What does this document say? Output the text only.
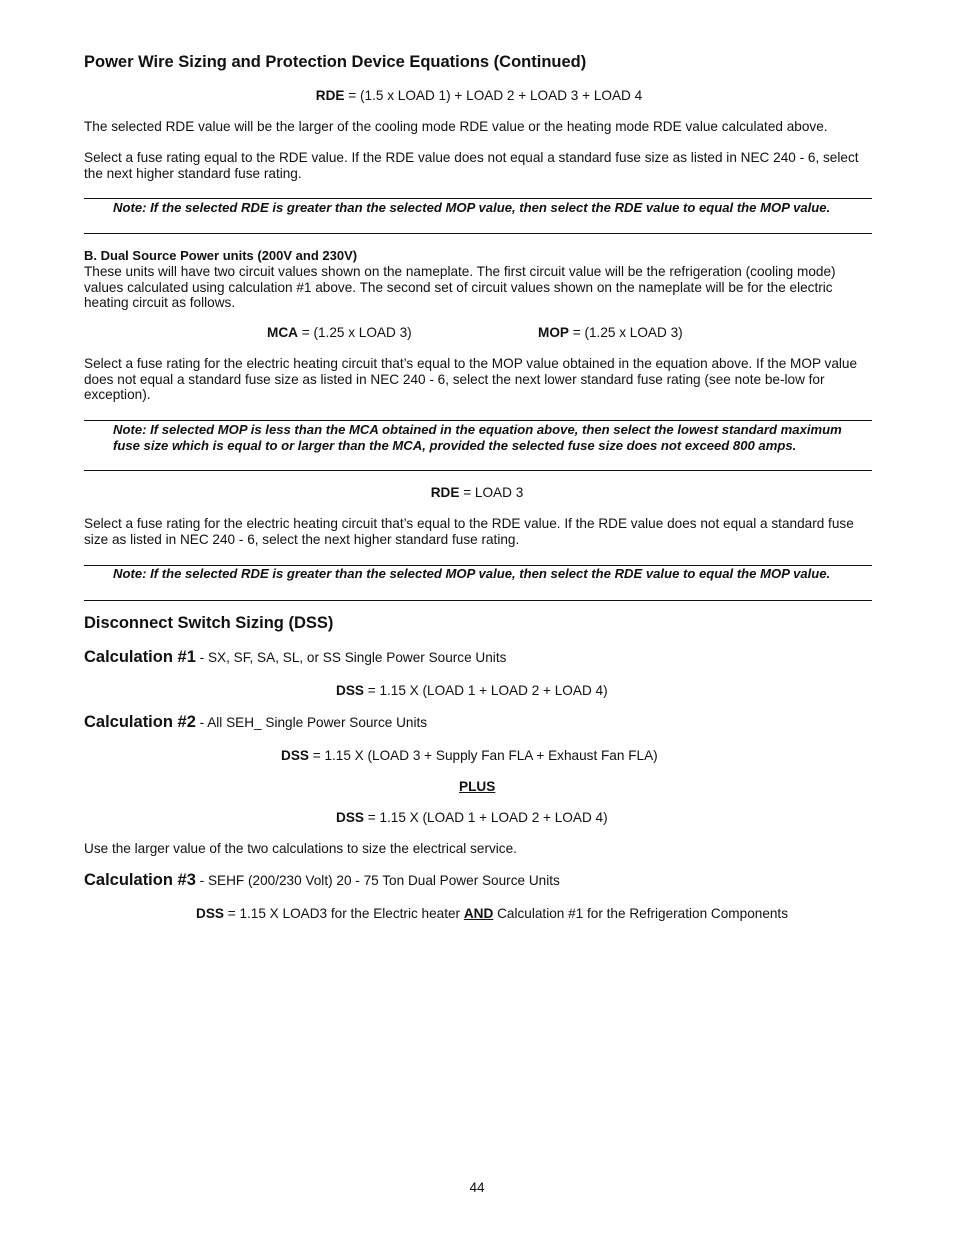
Power Wire Sizing and Protection Device Equations (Continued)
RDE = (1.5 x LOAD 1) + LOAD 2 + LOAD 3 + LOAD 4
The selected RDE value will be the larger of the cooling mode RDE value or the heating mode RDE value calculated above.
Select a fuse rating equal to the RDE value. If the RDE value does not equal a standard fuse size as listed in NEC 240 - 6, select the next higher standard fuse rating.
Note: If the selected RDE is greater than the selected MOP value, then select the RDE value to equal the MOP value.
B. Dual Source Power units (200V and 230V)
These units will have two circuit values shown on the nameplate. The first circuit value will be the refrigeration (cooling mode) values calculated using calculation #1 above. The second set of circuit values shown on the nameplate will be for the electric heating circuit as follows.
MCA = (1.25 x LOAD 3)	MOP = (1.25 x LOAD 3)
Select a fuse rating for the electric heating circuit that’s equal to the MOP value obtained in the equation above. If the MOP value does not equal a standard fuse size as listed in NEC 240 - 6, select the next lower standard fuse rating (see note be-low for exception).
Note: If selected MOP is less than the MCA obtained in the equation above, then select the lowest standard maximum fuse size which is equal to or larger than the MCA, provided the selected fuse size does not exceed 800 amps.
RDE = LOAD 3
Select a fuse rating for the electric heating circuit that’s equal to the RDE value. If the RDE value does not equal a standard fuse size as listed in NEC 240 - 6, select the next higher standard fuse rating.
Note: If the selected RDE is greater than the selected MOP value, then select the RDE value to equal the MOP value.
Disconnect Switch Sizing (DSS)
Calculation #1 - SX, SF, SA, SL, or SS Single Power Source Units
DSS = 1.15 X (LOAD 1 + LOAD 2 + LOAD 4)
Calculation #2 - All SEH_ Single Power Source Units
DSS = 1.15 X (LOAD 3 + Supply Fan FLA + Exhaust Fan FLA)
PLUS
DSS = 1.15 X (LOAD 1 + LOAD 2 + LOAD 4)
Use the larger value of the two calculations to size the electrical service.
Calculation #3 - SEHF (200/230 Volt) 20 - 75 Ton Dual Power Source Units
DSS = 1.15 X LOAD3 for the Electric heater AND Calculation #1 for the Refrigeration Components
44
